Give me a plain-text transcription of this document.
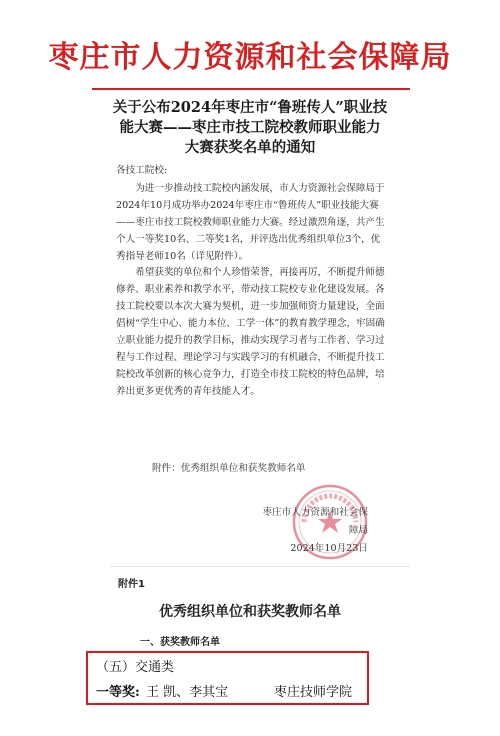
枣庄市人力资源和社会保障局
关于公布2024年枣庄市“鲁班传人”职业技
能大赛——枣庄市技工院校教师职业能力
大赛获奖名单的通知
各技工院校:
为进一步推动技工院校内涵发展，市人力资源社会保障局于2024年10月成功举办2024年枣庄市“鲁班传人”职业技能大赛——枣庄市技工院校教师职业能力大赛。经过激烈角逐，共产生个人一等奖10名、二等奖1名，并评选出优秀组织单位3个，优秀指导老师10名（详见附件）。
希望获奖的单位和个人珍惜荣誉，再接再厉，不断提升师德修养、职业素养和教学水平，带动技工院校专业化建设发展。各技工院校要以本次大赛为契机，进一步加强师资力量建设，全面倡树“学生中心、能力本位、工学一体”的教育教学理念，牢固确立职业能力提升的教学目标，推动实现学习者与工作者、学习过程与工作过程、理论学习与实践学习的有机融合，不断提升技工院校改革创新的核心竞争力，打造全市技工院校的特色品牌，培养出更多更优秀的青年技能人才。
附件：优秀组织单位和获奖教师名单
枣庄市人力资源和社会保障局
2024年10月23日
附件1
优秀组织单位和获奖教师名单
一、获奖教师名单
（五）交通类
一等奖: 王 凯、李其宝	枣庄技师学院
